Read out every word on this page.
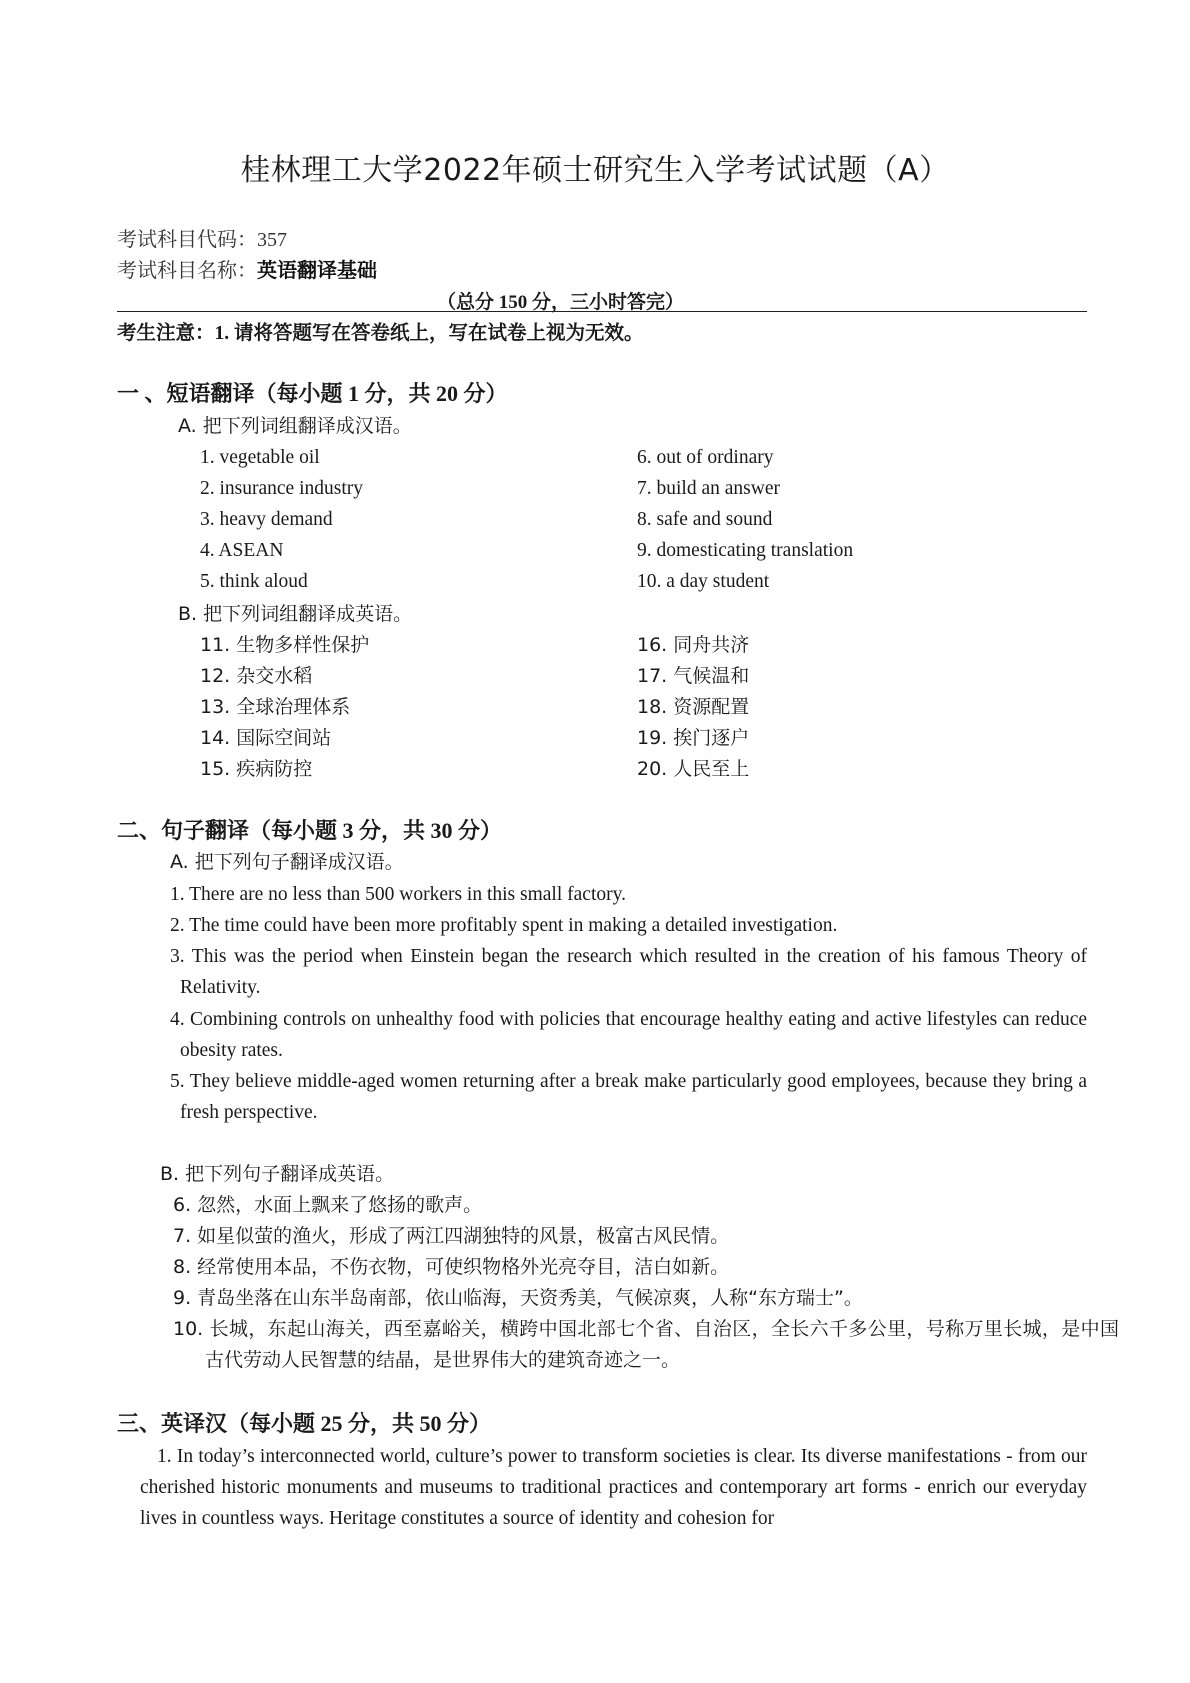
桂林理工大学2022年硕士研究生入学考试试题（A）
考试科目代码：357
考试科目名称：英语翻译基础
（总分 150 分，三小时答完）
考生注意：1. 请将答题写在答卷纸上，写在试卷上视为无效。
一 、短语翻译（每小题 1 分，共 20 分）
A. 把下列词组翻译成汉语。
1. vegetable oil
2. insurance industry
3. heavy demand
4. ASEAN
5. think aloud
6. out of ordinary
7. build an answer
8. safe and sound
9. domesticating translation
10. a day student
B. 把下列词组翻译成英语。
11. 生物多样性保护
12. 杂交水稻
13. 全球治理体系
14. 国际空间站
15. 疾病防控
16. 同舟共济
17. 气候温和
18. 资源配置
19. 挨门逐户
20. 人民至上
二、句子翻译（每小题 3 分，共 30 分）
A. 把下列句子翻译成汉语。
1. There are no less than 500 workers in this small factory.
2. The time could have been more profitably spent in making a detailed investigation.
3. This was the period when Einstein began the research which resulted in the creation of his famous Theory of Relativity.
4. Combining controls on unhealthy food with policies that encourage healthy eating and active lifestyles can reduce obesity rates.
5. They believe middle-aged women returning after a break make particularly good employees, because they bring a fresh perspective.
B. 把下列句子翻译成英语。
6. 忽然，水面上飘来了悠扬的歌声。
7. 如星似萤的渔火，形成了两江四湖独特的风景，极富古风民情。
8. 经常使用本品，不伤衣物，可使织物格外光亮夺目，洁白如新。
9. 青岛坐落在山东半岛南部，依山临海，天资秀美，气候凉爽，人称“东方瑞士”。
10. 长城，东起山海关，西至嘉峪关，横跨中国北部七个省、自治区，全长六千多公里，号称万里长城，是中国古代劳动人民智慧的结晶，是世界伟大的建筑奇迹之一。
三、英译汉（每小题 25 分，共 50 分）
1. In today’s interconnected world, culture’s power to transform societies is clear. Its diverse manifestations - from our cherished historic monuments and museums to traditional practices and contemporary art forms - enrich our everyday lives in countless ways. Heritage constitutes a source of identity and cohesion for
